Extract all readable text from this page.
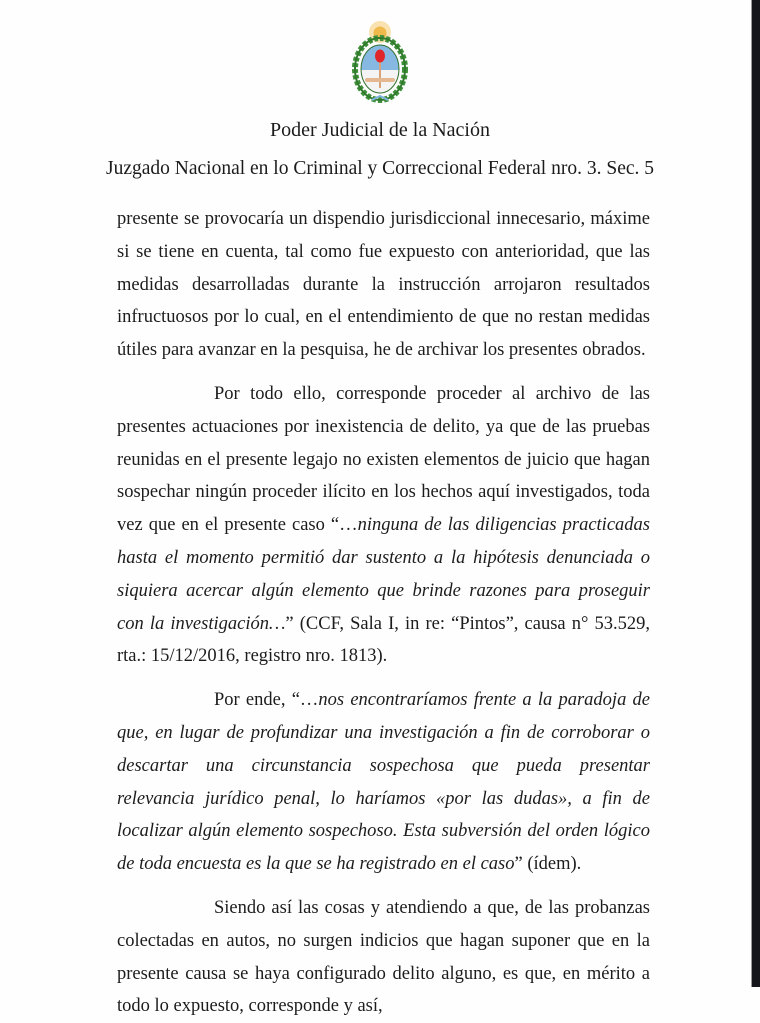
Poder Judicial de la Nación
Juzgado Nacional en lo Criminal y Correccional Federal nro. 3. Sec. 5

presente se provocaría un dispendio jurisdiccional innecesario, máxime si se tiene en cuenta, tal como fue expuesto con anterioridad, que las medidas desarrolladas durante la instrucción arrojaron resultados infructuosos por lo cual, en el entendimiento de que no restan medidas útiles para avanzar en la pesquisa, he de archivar los presentes obrados.

Por todo ello, corresponde proceder al archivo de las presentes actuaciones por inexistencia de delito, ya que de las pruebas reunidas en el presente legajo no existen elementos de juicio que hagan sospechar ningún proceder ilícito en los hechos aquí investigados, toda vez que en el presente caso “…ninguna de las diligencias practicadas hasta el momento permitió dar sustento a la hipótesis denunciada o siquiera acercar algún elemento que brinde razones para proseguir con la investigación…” (CCF, Sala I, in re: “Pintos”, causa n° 53.529, rta.: 15/12/2016, registro nro. 1813).

Por ende, “…nos encontraríamos frente a la paradoja de que, en lugar de profundizar una investigación a fin de corroborar o descartar una circunstancia sospechosa que pueda presentar relevancia jurídico penal, lo haríamos «por las dudas», a fin de localizar algún elemento sospechoso. Esta subversión del orden lógico de toda encuesta es la que se ha registrado en el caso” (ídem).

Siendo así las cosas y atendiendo a que, de las probanzas colectadas en autos, no surgen indicios que hagan suponer que en la presente causa se haya configurado delito alguno, es que, en mérito a todo lo expuesto, corresponde y así,
